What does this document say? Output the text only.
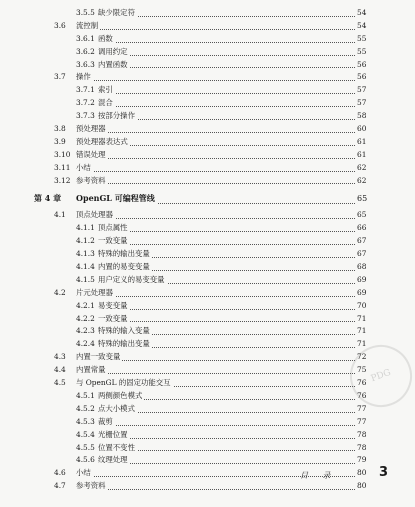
3.5.5 缺少限定符	54
3.6 流控制	54
3.6.1 函数	55
3.6.2 调用约定	55
3.6.3 内置函数	56
3.7 操作	56
3.7.1 索引	57
3.7.2 混合	57
3.7.3 按部分操作	58
3.8 预处理器	60
3.9 预处理器表达式	61
3.10 错误处理	61
3.11 小结	62
3.12 参考资料	62
第 4 章 OpenGL 可编程管线	65
4.1 顶点处理器	65
4.1.1 顶点属性	66
4.1.2 一致变量	67
4.1.3 特殊的输出变量	67
4.1.4 内置的易变变量	68
4.1.5 用户定义的易变变量	69
4.2 片元处理器	69
4.2.1 易变变量	70
4.2.2 一致变量	71
4.2.3 特殊的输入变量	71
4.2.4 特殊的输出变量	71
4.3 内置一致变量	72
4.4 内置常量	75
4.5 与 OpenGL 的固定功能交互	76
4.5.1 两侧颜色模式	76
4.5.2 点大小模式	77
4.5.3 裁剪	77
4.5.4 光栅位置	78
4.5.5 位置不变性	78
4.5.6 纹理处理	79
4.6 小结	80
4.7 参考资料	80
目 录	3
PDG
